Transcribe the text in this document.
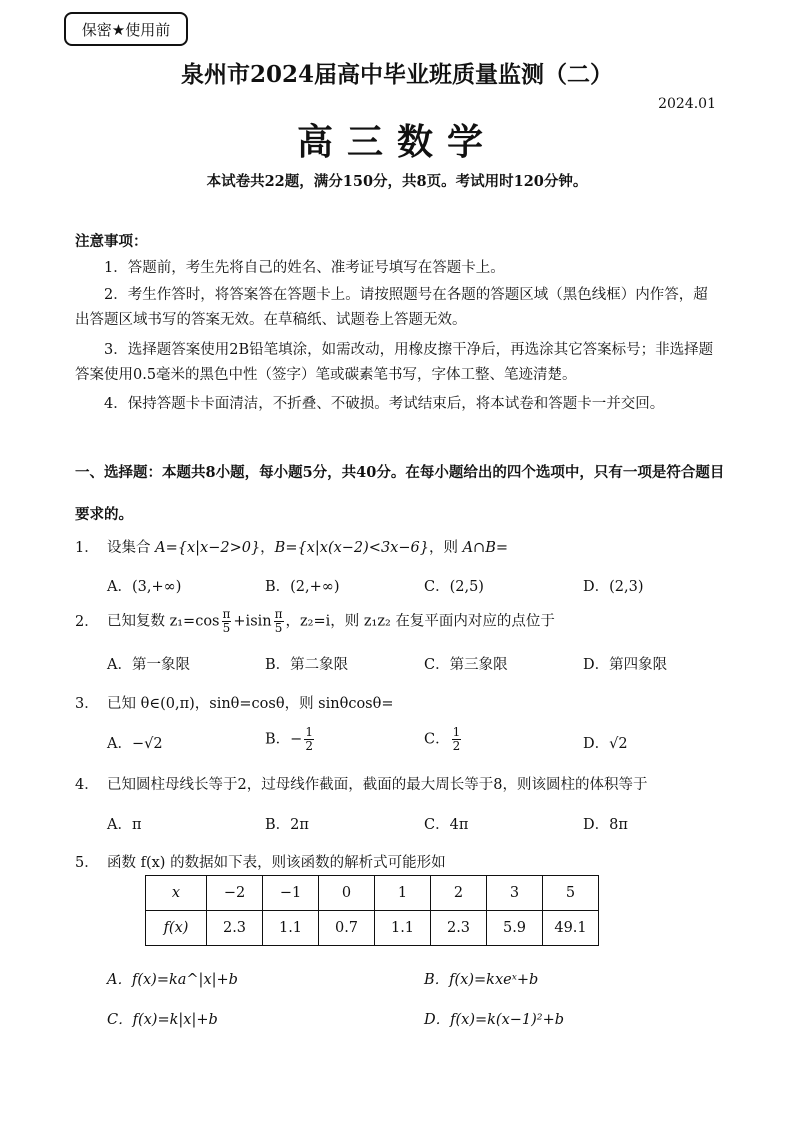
保密★使用前
泉州市2024届高中毕业班质量监测（二）
2024.01
高三数学
本试卷共22题，满分150分，共8页。考试用时120分钟。
注意事项：
1．答题前，考生先将自己的姓名、准考证号填写在答题卡上。
2．考生作答时，将答案答在答题卡上。请按照题号在各题的答题区域（黑色线框）内作答，超出答题区域书写的答案无效。在草稿纸、试题卷上答题无效。
3．选择题答案使用2B铅笔填涂，如需改动，用橡皮擦干净后，再选涂其它答案标号；非选择题答案使用0.5毫米的黑色中性（签字）笔或碳素笔书写，字体工整、笔迹清楚。
4．保持答题卡卡面清洁，不折叠、不破损。考试结束后，将本试卷和答题卡一并交回。
一、选择题：本题共8小题，每小题5分，共40分。在每小题给出的四个选项中，只有一项是符合题目要求的。
1． 设集合 A={x|x−2>0}，B={x|x(x−2)<3x−6}，则 A∩B=
A．(3,+∞)	B．(2,+∞)	C．(2,5)	D．(2,3)
2． 已知复数 $z_1=\cos \frac{\pi}{5} +isin \frac{\pi}{5}$ ，z₂=i，则 z₁z₂ 在复平面内对应的点位于
A．第一象限	B．第二象限	C．第三象限	D．第四象限
3． 已知 θ∈(0,π)，sinθ=cosθ，则 sinθcosθ=
A．−√2	B．− $\frac{1}{2}$	C． $\frac{1}{2}$	D．√2
4． 已知圆柱母线长等于2，过母线作截面，截面的最大周长等于8，则该圆柱的体积等于
A．π	B．2π	C．4π	D．8π
5． 函数 f(x) 的数据如下表，则该函数的解析式可能形如
x	−2	−1	0	1	2	3	5
f(x)	2.3	1.1	0.7	1.1	2.3	5.9	49.1
A．f(x)=ka^|x|+b	B．f(x)=kxeˣ+b
C．f(x)=k|x|+b	D．f(x)=k(x−1)²+b
